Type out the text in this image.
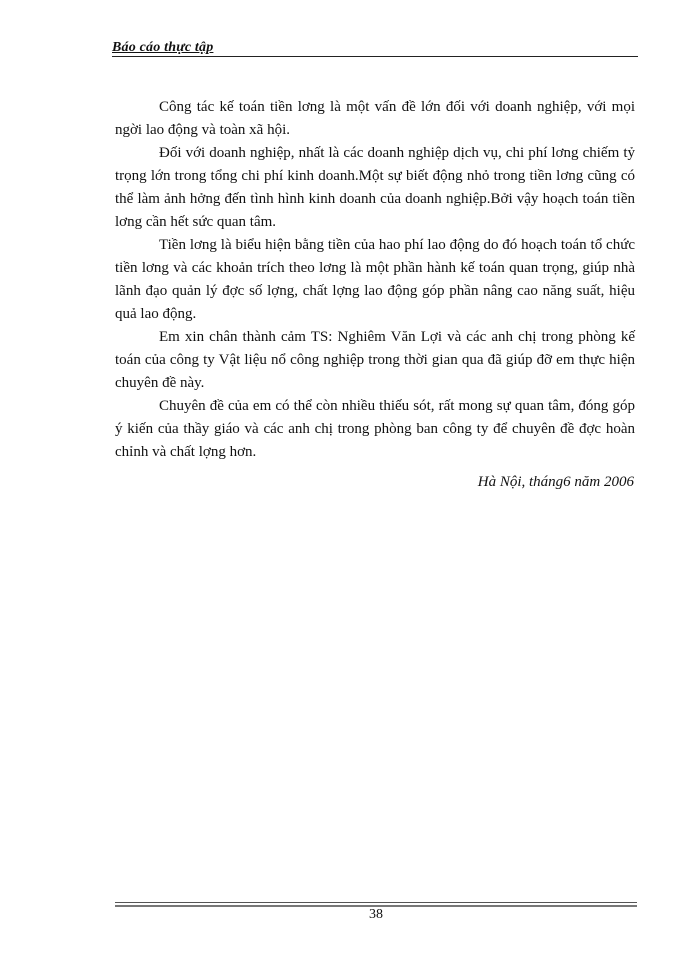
Báo cáo thực tập

Công tác kế toán tiền lơng là một vấn đề lớn đối với doanh nghiệp, với mọi ngời lao động và toàn xã hội.

Đối với doanh nghiệp, nhất là các doanh nghiệp dịch vụ, chi phí lơng chiếm tỷ trọng lớn trong tổng chi phí kinh doanh.Một sự biết động nhỏ trong tiền lơng cũng có thể làm ảnh hởng đến tình hình kinh doanh của doanh nghiệp.Bởi vậy hoạch toán tiền lơng cần hết sức quan tâm.

Tiền lơng là biểu hiện bằng tiền của hao phí lao động do đó hoạch toán tổ chức tiền lơng và các khoản trích theo lơng là một phần hành kế toán quan trọng, giúp nhà lãnh đạo quản lý đợc số lợng, chất lợng lao động góp phần nâng cao năng suất, hiệu quả lao động.

Em xin chân thành cảm TS: Nghiêm Văn Lợi và các anh chị trong phòng kế toán của công ty Vật liệu nổ công nghiệp trong thời gian qua đã giúp đỡ em thực hiện chuyên đề này.

Chuyên đề của em có thể còn nhiều thiếu sót, rất mong sự quan tâm, đóng góp ý kiến của thầy giáo và các anh chị trong phòng ban công ty để chuyên đề đợc hoàn chỉnh và chất lợng hơn.

Hà Nội, tháng6 năm 2006
38
